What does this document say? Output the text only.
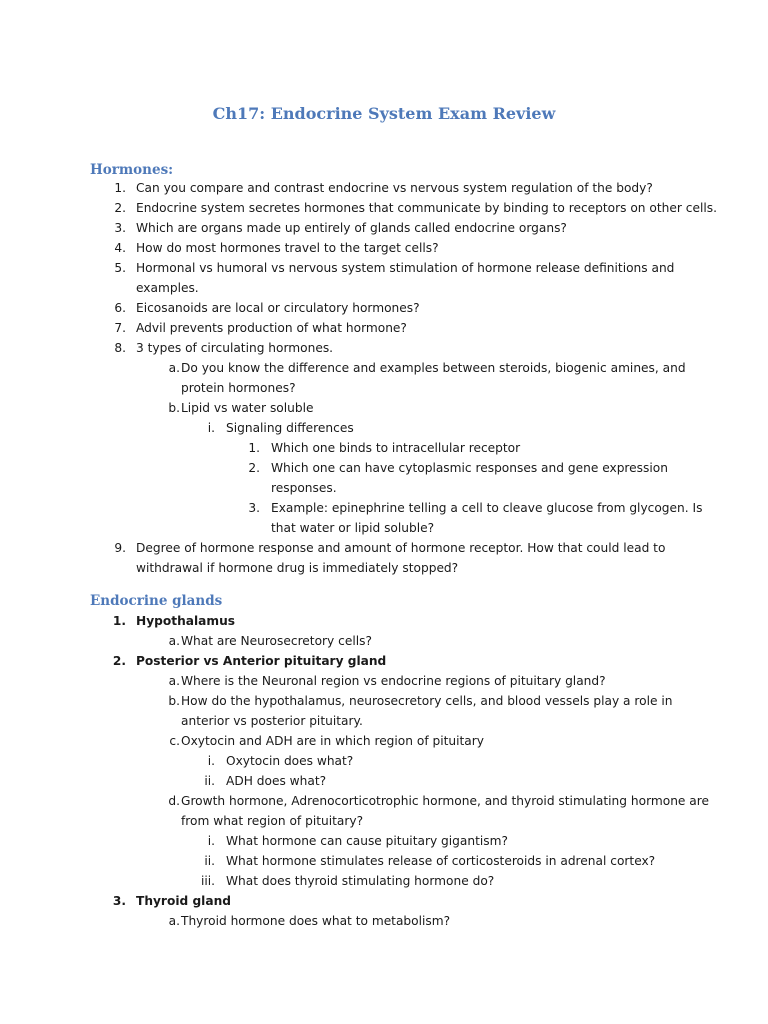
Ch17: Endocrine System Exam Review
Hormones:
1. Can you compare and contrast endocrine vs nervous system regulation of the body?
2. Endocrine system secretes hormones that communicate by binding to receptors on other cells.
3. Which are organs made up entirely of glands called endocrine organs?
4. How do most hormones travel to the target cells?
5. Hormonal vs humoral vs nervous system stimulation of hormone release definitions and
examples.
6. Eicosanoids are local or circulatory hormones?
7. Advil prevents production of what hormone?
8. 3 types of circulating hormones.
a. Do you know the difference and examples between steroids, biogenic amines, and
protein hormones?
b. Lipid vs water soluble
i. Signaling differences
1. Which one binds to intracellular receptor
2. Which one can have cytoplasmic responses and gene expression
responses.
3. Example: epinephrine telling a cell to cleave glucose from glycogen. Is
that water or lipid soluble?
9. Degree of hormone response and amount of hormone receptor. How that could lead to
withdrawal if hormone drug is immediately stopped?
Endocrine glands
1. Hypothalamus
a. What are Neurosecretory cells?
2. Posterior vs Anterior pituitary gland
a. Where is the Neuronal region vs endocrine regions of pituitary gland?
b. How do the hypothalamus, neurosecretory cells, and blood vessels play a role in
anterior vs posterior pituitary.
c. Oxytocin and ADH are in which region of pituitary
i. Oxytocin does what?
ii. ADH does what?
d. Growth hormone, Adrenocorticotrophic hormone, and thyroid stimulating hormone are
from what region of pituitary?
i. What hormone can cause pituitary gigantism?
ii. What hormone stimulates release of corticosteroids in adrenal cortex?
iii. What does thyroid stimulating hormone do?
3. Thyroid gland
a. Thyroid hormone does what to metabolism?
